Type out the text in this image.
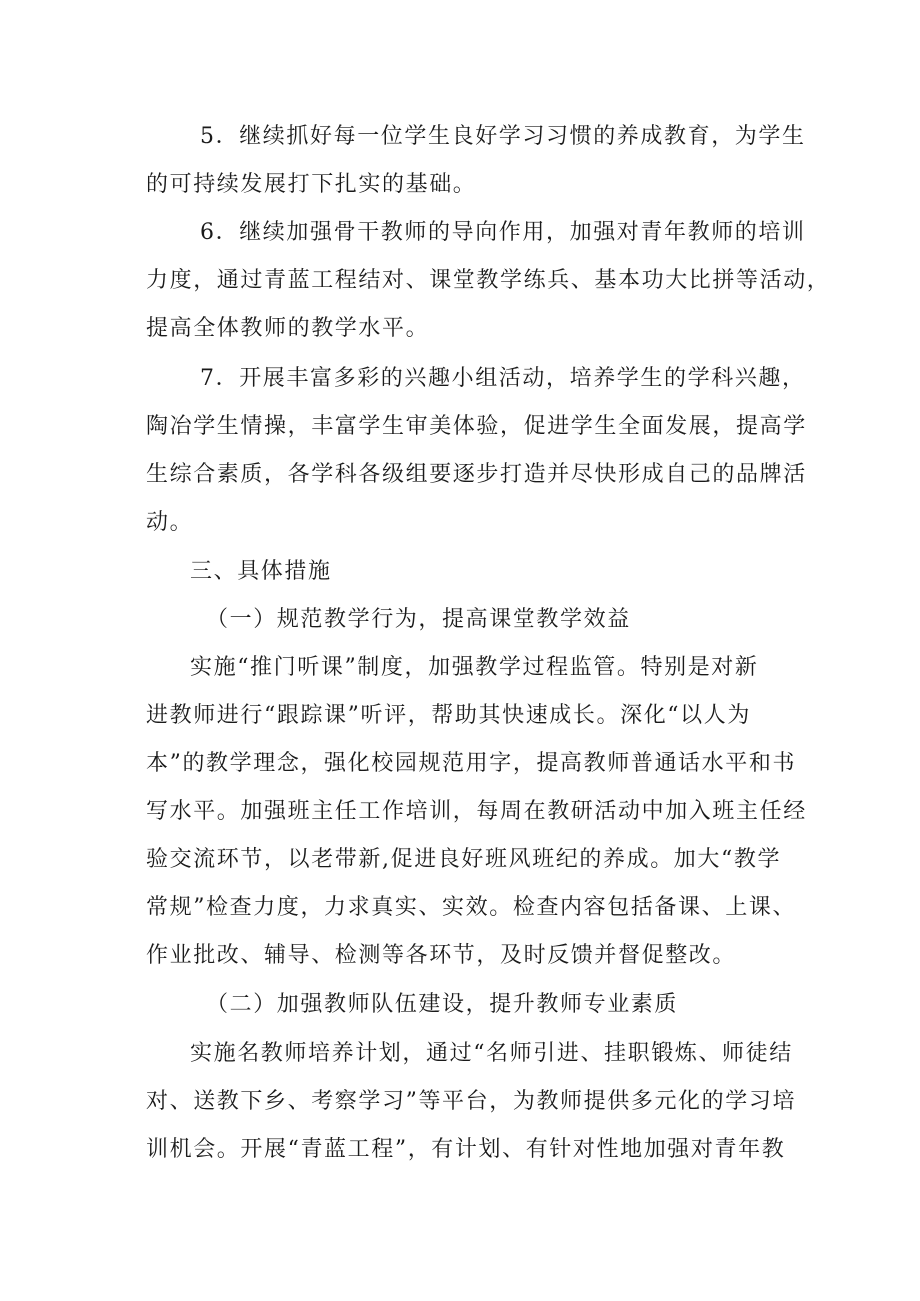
5．继续抓好每一位学生良好学习习惯的养成教育，为学生
的可持续发展打下扎实的基础。
6．继续加强骨干教师的导向作用，加强对青年教师的培训
力度，通过青蓝工程结对、课堂教学练兵、基本功大比拼等活动，
提高全体教师的教学水平。
7．开展丰富多彩的兴趣小组活动，培养学生的学科兴趣，
陶冶学生情操，丰富学生审美体验，促进学生全面发展，提高学
生综合素质，各学科各级组要逐步打造并尽快形成自己的品牌活
动。
三、具体措施
（一）规范教学行为，提高课堂教学效益
实施“推门听课”制度，加强教学过程监管。特别是对新
进教师进行“跟踪课”听评，帮助其快速成长。深化“以人为
本”的教学理念，强化校园规范用字，提高教师普通话水平和书
写水平。加强班主任工作培训，每周在教研活动中加入班主任经
验交流环节，以老带新,促进良好班风班纪的养成。加大“教学
常规”检查力度，力求真实、实效。检查内容包括备课、上课、
作业批改、辅导、检测等各环节，及时反馈并督促整改。
（二）加强教师队伍建设，提升教师专业素质
实施名教师培养计划，通过“名师引进、挂职锻炼、师徒结
对、送教下乡、考察学习”等平台，为教师提供多元化的学习培
训机会。开展“青蓝工程”，有计划、有针对性地加强对青年教
